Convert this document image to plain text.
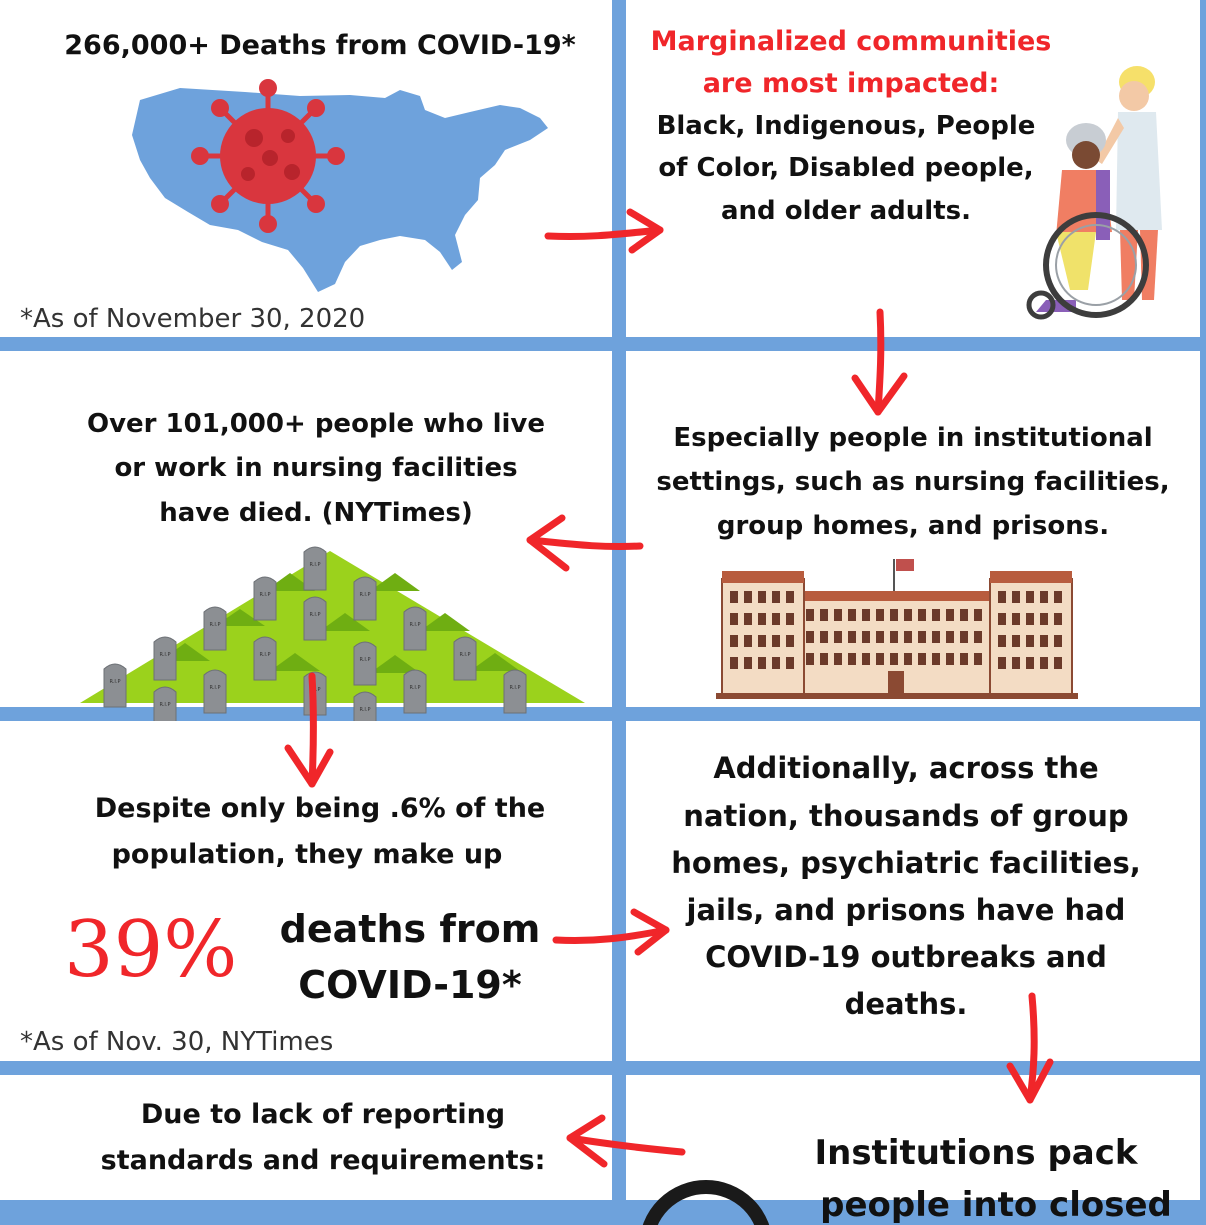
266,000+ Deaths from COVID-19*
*As of November 30, 2020
Marginalized communities
are most impacted:
Black, Indigenous, People
of Color, Disabled people,
and older adults.
Over 101,000+ people who live
or work in nursing facilities
have died. (NYTimes)
R.I.P
R.I.P	R.I.P
R.I.P
R.I.P
R.I.P
R.I.P	R.I.P
R.I.P
R.I.P
R.I.P
R.I.P	R.I.P	R.I.P	R.I.P
R.I.P
R.I.P
Especially people in institutional
settings, such as nursing facilities,
group homes, and prisons.
Despite only being .6% of the
population, they make up
39% deaths from
COVID-19*
*As of Nov. 30, NYTimes
Additionally, across the
nation, thousands of group
homes, psychiatric facilities,
jails, and prisons have had
COVID-19 outbreaks and
deaths.
Due to lack of reporting
standards and requirements:	Institutions pack
people into closed
